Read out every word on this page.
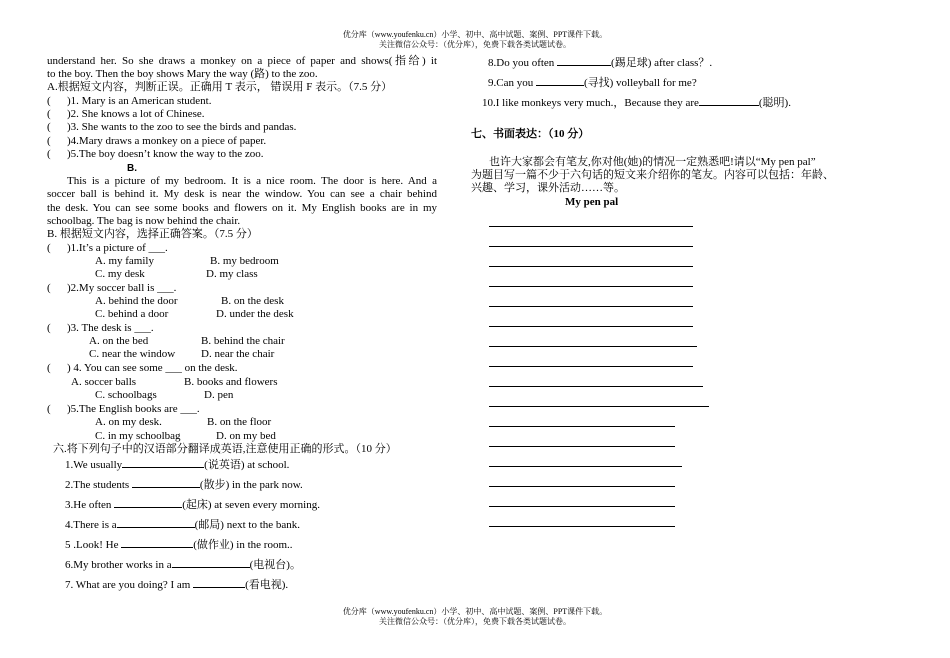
优分库（www.youfenku.cn）小学、初中、高中试题、案例、PPT课件下载。
关注微信公众号：（优分库），免费下载各类试题试卷。
优分库（www.youfenku.cn）小学、初中、高中试题、案例、PPT课件下载。
关注微信公众号：（优分库），免费下载各类试题试卷。
understand her. So she draws a monkey on a piece of paper and shows(指给) it
to the boy. Then the boy shows Mary the way (路) to the zoo.
A.根据短文内容，判断正误。正确用 T 表示， 错误用 F 表示。（7.5 分）
( )1. Mary is an American student.
( )2. She knows a lot of Chinese.
( )3. She wants to the zoo to see the birds and pandas.
( )4.Mary draws a monkey on a piece of paper.
( )5.The boy doesn’t know the way to the zoo.
B.
This is a picture of my bedroom. It is a nice room. The door is here. And a
soccer ball is behind it. My desk is near the window. You can see a chair behind
the desk. You can see some books and flowers on it. My English books are in my
schoolbag. The bag is now behind the chair.
B. 根据短文内容，选择正确答案。（7.5 分）
( )1.It’s a picture of ___.
A. my family	B. my bedroom
C. my desk	D. my class
( )2.My soccer ball is ___.
A. behind the door	B. on the desk
C. behind a door	D. under the desk
( )3. The desk is ___.
A. on the bed	B. behind the chair
C. near the window D. near the chair
( ) 4. You can see some ___ on the desk.
A. soccer balls	B. books and flowers
C. schoolbags	D. pen
( )5.The English books are ___.
A. on my desk.	B. on the floor
C. in my schoolbag	D. on my bed
六.将下列句子中的汉语部分翻译成英语,注意使用正确的形式。（10 分）
1.We usually	(说英语) at school.
2.The students	(散步) in the park now.
3.He often	(起床) at seven every morning.
4.There is a	(邮局) next to the bank.
5 .Look! He	(做作业) in the room..
6.My brother works in a	(电视台)。
7. What are you doing? I am	(看电视).
8.Do you often	(踢足球) after class？.
9.Can you	(寻找) volleyball for me?
10.I like monkeys very much.，Because they are	(聪明).
七、书面表达：（10 分）
也许大家都会有笔友,你对他(她)的情况一定熟悉吧!请以“My pen pal”
为题目写一篇不少于六句话的短文来介绍你的笔友。内容可以包括：年龄、
兴趣、学习，课外活动……等。
My pen pal
